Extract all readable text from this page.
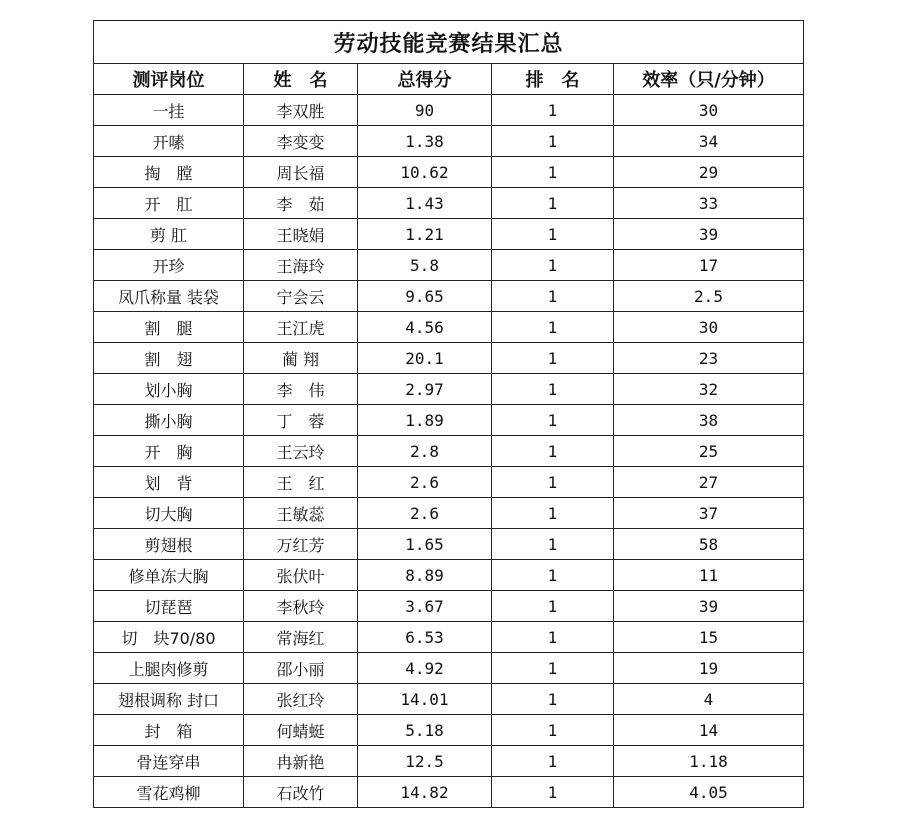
劳动技能竞赛结果汇总				
测评岗位	姓　名	总得分	排　名	效率（只/分钟）
一挂	李双胜	90	1	30
开嗉	李变变	1.38	1	34
掏　膛	周长福	10.62	1	29
开　肛	李　茹	1.43	1	33
剪 肛	王晓娟	1.21	1	39
开珍	王海玲	5.8	1	17
凤爪称量 装袋	宁会云	9.65	1	2.5
割　腿	王江虎	4.56	1	30
割　翅	蔺 翔	20.1	1	23
划小胸	李　伟	2.97	1	32
撕小胸	丁　蓉	1.89	1	38
开　胸	王云玲	2.8	1	25
划　背	王　红	2.6	1	27
切大胸	王敏蕊	2.6	1	37
剪翅根	万红芳	1.65	1	58
修单冻大胸	张伏叶	8.89	1	11
切琵琶	李秋玲	3.67	1	39
切　块70/80	常海红	6.53	1	15
上腿肉修剪	邵小丽	4.92	1	19
翅根调称 封口	张红玲	14.01	1	4
封　箱	何蜻蜓	5.18	1	14
骨连穿串	冉新艳	12.5	1	1.18
雪花鸡柳	石改竹	14.82	1	4.05
